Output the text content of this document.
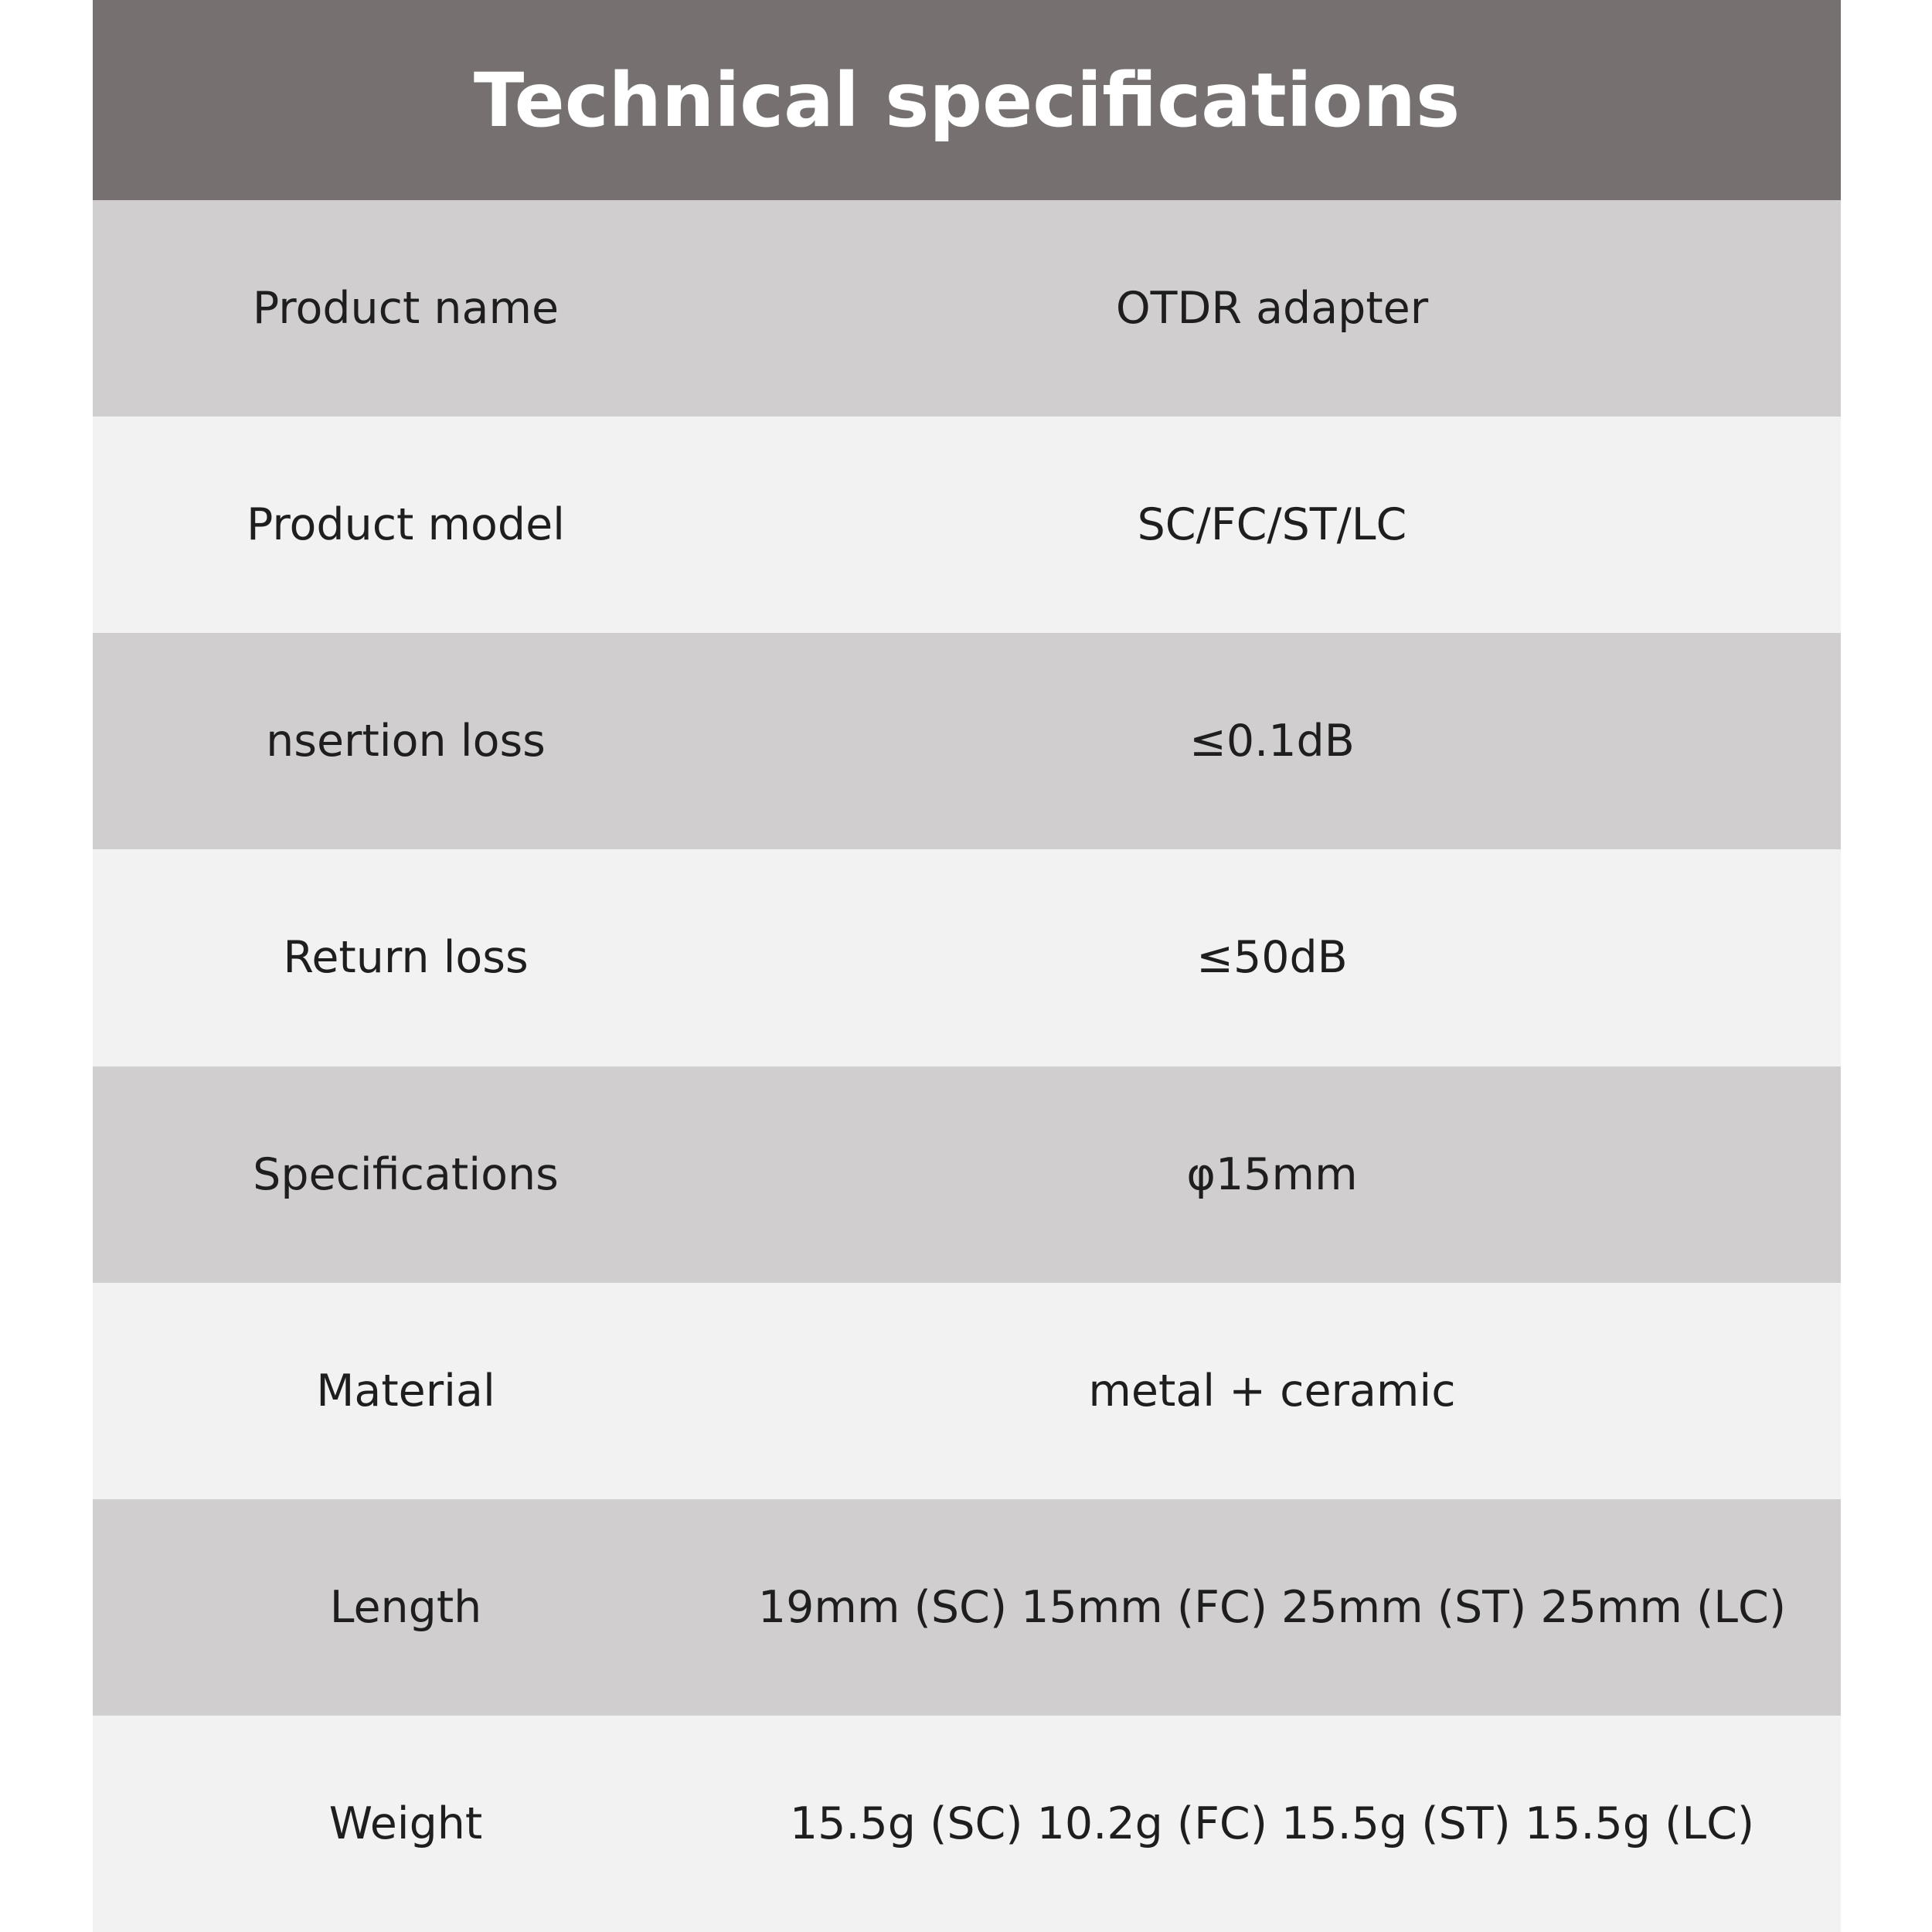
Technical specifications
Product name	OTDR adapter
Product model	SC/FC/ST/LC
nsertion loss	≤0.1dB
Return loss	≤50dB
Specifications	φ15mm
Material	metal + ceramic
Length	19mm (SC) 15mm (FC) 25mm (ST) 25mm (LC)
Weight	15.5g (SC) 10.2g (FC) 15.5g (ST) 15.5g (LC)
